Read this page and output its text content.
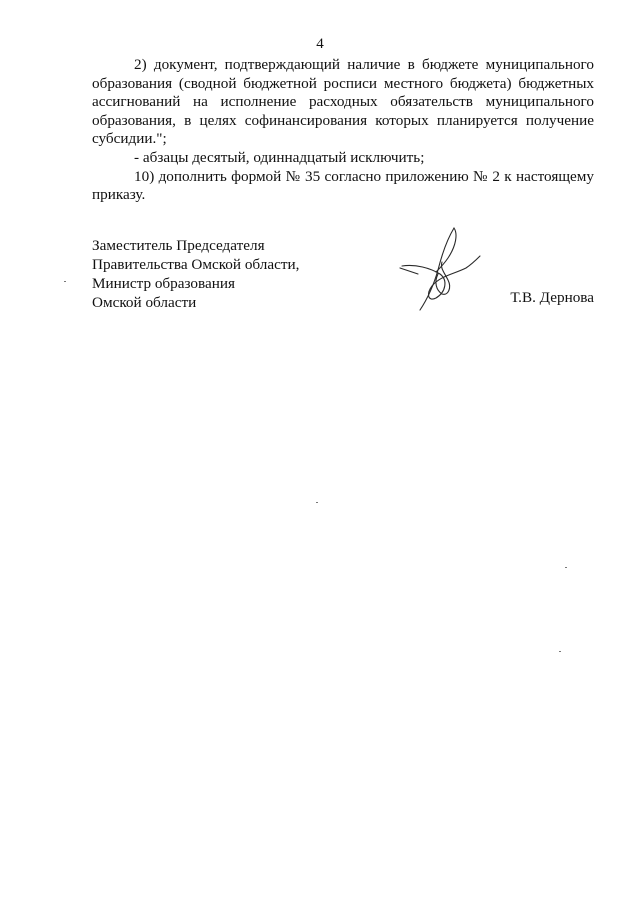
4

2) документ, подтверждающий наличие в бюджете муниципального образования (сводной бюджетной росписи местного бюджета) бюджетных ассигнований на исполнение расходных обязательств муниципального образования, в целях софинансирования которых планируется получение субсидии.";

- абзацы десятый, одиннадцатый исключить;

10) дополнить формой № 35 согласно приложению № 2 к настоящему приказу.

Заместитель Председателя
Правительства Омской области,
Министр образования
Омской области	Т.В. Дернова
